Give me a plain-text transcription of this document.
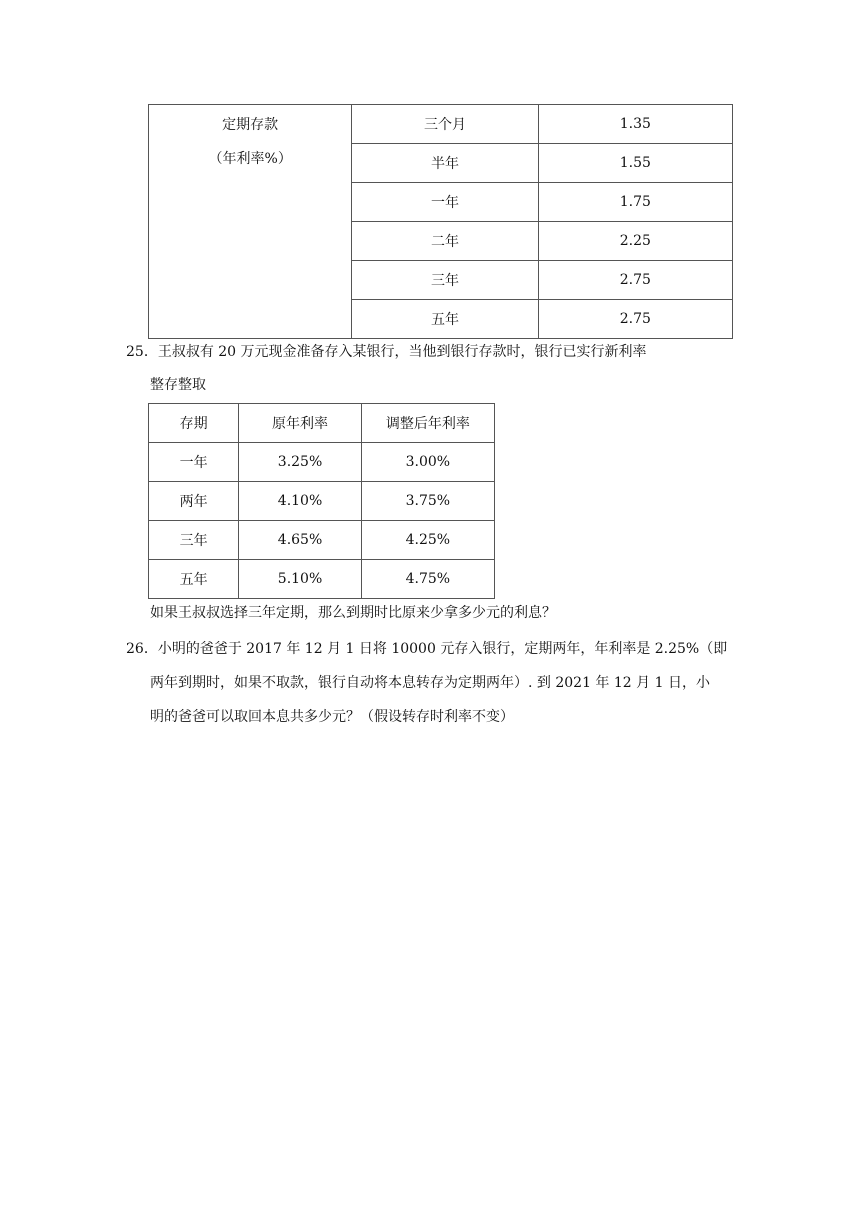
定期存款
（年利率%）	三个月	1.35
	半年	1.55
	一年	1.75
	二年	2.25
	三年	2.75
	五年	2.75
25．王叔叔有 20 万元现金准备存入某银行，当他到银行存款时，银行已实行新利率
整存整取
存期	原年利率	调整后年利率
一年	3.25%	3.00%
两年	4.10%	3.75%
三年	4.65%	4.25%
五年	5.10%	4.75%
如果王叔叔选择三年定期，那么到期时比原来少拿多少元的利息？
26．小明的爸爸于 2017 年 12 月 1 日将 10000 元存入银行，定期两年，年利率是 2.25%（即
两年到期时，如果不取款，银行自动将本息转存为定期两年）. 到 2021 年 12 月 1 日，小
明的爸爸可以取回本息共多少元？（假设转存时利率不变）
